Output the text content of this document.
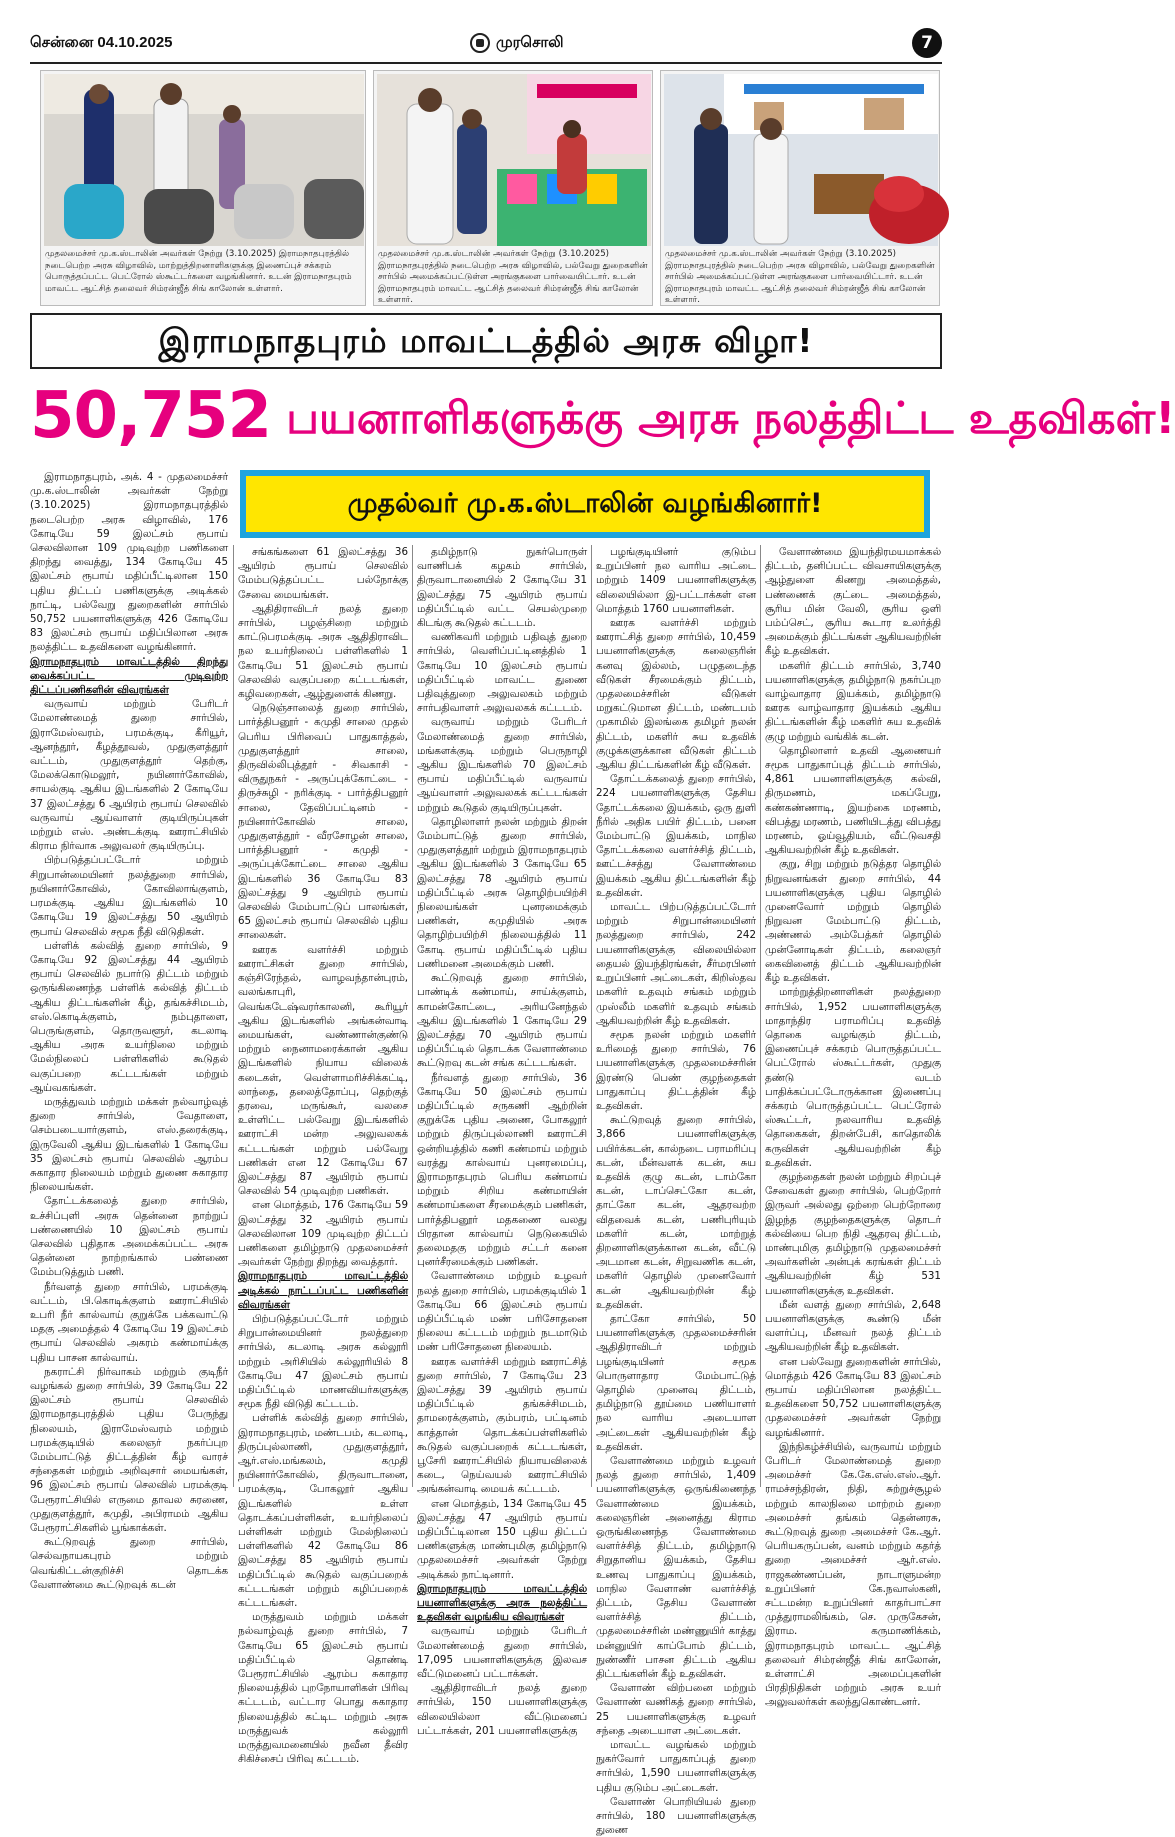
சென்னை 04.10.2025	முரசொலி	7
முதலமைச்சர் மு.க.ஸ்டாலின் அவர்கள் நேற்று (3.10.2025) இராமநாதபுரத்தில் நடைபெற்ற அரசு விழாவில், மாற்றுத்திறனாளிகளுக்கு இணைப்புச் சக்கரம் பொருத்தப்பட்ட பெட்ரோல் ஸ்கூட்டர்களை வழங்கினார். உடன் இராமநாதபுரம் மாவட்ட ஆட்சித் தலைவர் சிம்ரன்ஜீத் சிங் காலோன் உள்ளார்.
முதலமைச்சர் மு.க.ஸ்டாலின் அவர்கள் நேற்று (3.10.2025) இராமநாதபுரத்தில் நடைபெற்ற அரசு விழாவில், பல்வேறு துறைகளின் சார்பில் அமைக்கப்பட்டுள்ள அரங்குகளை பார்வையிட்டார். உடன் இராமநாதபுரம் மாவட்ட ஆட்சித் தலைவர் சிம்ரன்ஜீத் சிங் காலோன் உள்ளார்.
முதலமைச்சர் மு.க.ஸ்டாலின் அவர்கள் நேற்று (3.10.2025) இராமநாதபுரத்தில் நடைபெற்ற அரசு விழாவில், பல்வேறு துறைகளின் சார்பில் அமைக்கப்பட்டுள்ள அரங்குகளை பார்வையிட்டார். உடன் இராமநாதபுரம் மாவட்ட ஆட்சித் தலைவர் சிம்ரன்ஜீத் சிங் காலோன் உள்ளார்.
இராமநாதபுரம் மாவட்டத்தில் அரசு விழா!
50,752 பயனாளிகளுக்கு அரசு நலத்திட்ட உதவிகள்!
முதல்வர் மு.க.ஸ்டாலின் வழங்கினார்!

இராமநாதபுரம், அக். 4 - முதலமைச்சர் மு.க.ஸ்டாலின் அவர்கள் நேற்று (3.10.2025) இராமநாதபுரத்தில் நடைபெற்ற அரசு விழாவில், 176 கோடியே 59 இலட்சம் ரூபாய் செலவிலான 109 முடிவுற்ற பணிகளை திறந்து வைத்து, 134 கோடியே 45 இலட்சம் ரூபாய் மதிப்பீட்டிலான 150 புதிய திட்டப் பணிகளுக்கு அடிக்கல் நாட்டி, பல்வேறு துறைகளின் சார்பில் 50,752 பயனாளிகளுக்கு 426 கோடியே 83 இலட்சம் ரூபாய் மதிப்பிலான அரசு நலத்திட்ட உதவிகளை வழங்கினார்.

இராமநாதபுரம் மாவட்டத்தில் திறந்து வைக்கப்பட்ட முடிவுற்ற திட்டப்பணிகளின் விவரங்கள்

வருவாய் மற்றும் பேரிடர் மேலாண்மைத் துறை சார்பில், இராமேஸ்வரம், பரமக்குடி, கீரியூர், ஆனந்தூர், கீழத்தூவல், முதுகுளத்தூர் வட்டம், முதுகுளத்தூர் தெற்கு, மேலக்கொடுமலூர், நயினார்கோவில், சாயல்குடி ஆகிய இடங்களில் 2 கோடியே 37 இலட்சத்து 6 ஆயிரம் ரூபாய் செலவில் வருவாய் ஆய்வாளர் குடியிருப்புகள் மற்றும் எஸ். அண்டக்குடி ஊராட்சியில் கிராம நிர்வாக அலுவலர் குடியிருப்பு.

பிற்படுத்தப்பட்டோர் மற்றும் சிறுபான்மையினர் நலத்துறை சார்பில், நயினார்கோவில், கோவிலாங்குளம், பரமக்குடி ஆகிய இடங்களில் 10 கோடியே 19 இலட்சத்து 50 ஆயிரம் ரூபாய் செலவில் சமூக நீதி விடுதிகள்.

பள்ளிக் கல்வித் துறை சார்பில், 9 கோடியே 92 இலட்சத்து 44 ஆயிரம் ரூபாய் செலவில் நபார்டு திட்டம் மற்றும் ஒருங்கிணைந்த பள்ளிக் கல்வித் திட்டம் ஆகிய திட்டங்களின் கீழ், தங்கச்சிமடம், எஸ்.கொடிக்குளம், நம்புதாளை, பெருங்குளம், தொருவளூர், கடலாடி ஆகிய அரசு உயர்நிலை மற்றும் மேல்நிலைப் பள்ளிகளில் கூடுதல் வகுப்பறை கட்டடங்கள் மற்றும் ஆய்வகங்கள்.

மருத்துவம் மற்றும் மக்கள் நல்வாழ்வுத் துறை சார்பில், வேதாளை, செம்படையார்குளம், எஸ்.தரைக்குடி, இருவேலி ஆகிய இடங்களில் 1 கோடியே 35 இலட்சம் ரூபாய் செலவில் ஆரம்ப சுகாதார நிலையம் மற்றும் துணை சுகாதார நிலையங்கள்.

தோட்டக்கலைத் துறை சார்பில், உச்சிப்புளி அரசு தென்னை நாற்றுப் பண்ணையில் 10 இலட்சம் ரூபாய் செலவில் புதிதாக அமைக்கப்பட்ட அரசு தென்னை நாற்றங்கால் பண்ணை மேம்படுத்தும் பணி.

நீர்வளத் துறை சார்பில், பரமக்குடி வட்டம், பி.கொடிக்குளம் ஊராட்சியில் உபரி நீர் கால்வாய் குறுக்கே பக்கவாட்டு மதகு அமைத்தல் 4 கோடியே 19 இலட்சம் ரூபாய் செலவில் அகரம் கண்மாய்க்கு புதிய பாசன கால்வாய்.

நகராட்சி நிர்வாகம் மற்றும் குடிநீர் வழங்கல் துறை சார்பில், 39 கோடியே 22 இலட்சம் ரூபாய் செலவில் இராமநாதபுரத்தில் புதிய பேருந்து நிலையம், இராமேஸ்வரம் மற்றும் பரமக்குடியில் கலைஞர் நகர்ப்புற மேம்பாட்டுத் திட்டத்தின் கீழ் வாரச் சந்தைகள் மற்றும் அறிவுசார் மையங்கள், 96 இலட்சம் ரூபாய் செலவில் பரமக்குடி பேரூராட்சியில் எருமை தாவல சுரணை, முதுகுளத்தூர், கமுதி, அபிராமம் ஆகிய பேரூராட்சிகளில் பூங்காக்கள்.

கூட்டுறவுத் துறை சார்பில், செல்வநாயகபுரம் மற்றும் வெங்கிட்டன்குறிச்சி தொடக்க வேளாண்மை கூட்டுறவுக் கடன்

சங்கங்களை 61 இலட்சத்து 36 ஆயிரம் ரூபாய் செலவில் மேம்படுத்தப்பட்ட பல்நோக்கு சேவை மையங்கள்.

ஆதிதிராவிடர் நலத் துறை சார்பில், பழஞ்சிறை மற்றும் காட்டுபரமக்குடி அரசு ஆதிதிராவிட நல உயர்நிலைப் பள்ளிகளில் 1 கோடியே 51 இலட்சம் ரூபாய் செலவில் வகுப்பறை கட்டடங்கள், கழிவறைகள், ஆழ்துளைக் கிணறு.

நெடுஞ்சாலைத் துறை சார்பில், பார்த்திபனூர் - கமுதி சாலை முதல் பெரிய பிரிவைப் பாதுகாத்தல், முதுகுளத்தூர் சாலை, திருவில்லிபுத்தூர் - சிவகாசி - விருதுநகர் - அருப்புக்கோட்டை - திருச்சுழி - நரிக்குடி - பார்த்திபனூர் சாலை, தேவிப்பட்டினம் - நயினார்கோவில் சாலை, முதுகுளத்தூர் - வீரசோழன் சாலை, பார்த்திபனூர் - கமுதி - அருப்புக்கோட்டை சாலை ஆகிய இடங்களில் 36 கோடியே 83 இலட்சத்து 9 ஆயிரம் ரூபாய் செலவில் மேம்பாட்டுப் பாலங்கள், 65 இலட்சம் ரூபாய் செலவில் புதிய சாலைகள்.

ஊரக வளர்ச்சி மற்றும் ஊராட்சிகள் துறை சார்பில், கஞ்சிரேந்தல், வாழவந்தான்புரம், வலங்காபுரி, வெங்கடேஷ்வரர்காலனி, கூரியூர் ஆகிய இடங்களில் அங்கன்வாடி மையங்கள், வண்ணான்குண்டு மற்றும் நைனாமரைக்கான் ஆகிய இடங்களில் நியாய விலைக் கடைகள், வெள்ளாமரிச்சிக்கட்டி, லாந்தை, தலைத்தோப்பு, தெற்குத் தரவை, மருங்கூர், வலசை உள்ளிட்ட பல்வேறு இடங்களில் ஊராட்சி மன்ற அலுவலகக் கட்டடங்கள் மற்றும் பல்வேறு பணிகள் என 12 கோடியே 67 இலட்சத்து 87 ஆயிரம் ரூபாய் செலவில் 54 முடிவுற்ற பணிகள்.

என மொத்தம், 176 கோடியே 59 இலட்சத்து 32 ஆயிரம் ரூபாய் செலவிலான 109 முடிவுற்ற திட்டப் பணிகளை தமிழ்நாடு முதலமைச்சர் அவர்கள் நேற்று திறந்து வைத்தார்.

இராமநாதபுரம் மாவட்டத்தில் அடிக்கல் நாட்டப்பட்ட பணிகளின் விவரங்கள்

பிற்படுத்தப்பட்டோர் மற்றும் சிறுபான்மையினர் நலத்துறை சார்பில், கடலாடி அரசு கல்லூரி மற்றும் அரிசியில் கல்லூரியில் 8 கோடியே 47 இலட்சம் ரூபாய் மதிப்பீட்டில் மாணவியர்களுக்கு சமூக நீதி விடுதி கட்டடம்.

பள்ளிக் கல்வித் துறை சார்பில், இராமநாதபுரம், மண்டபம், கடலாடி, திருப்புல்லாணி, முதுகுளத்தூர், ஆர்.எஸ்.மங்கலம், கமுதி நயினார்கோவில், திருவாடானை, பரமக்குடி, போகலூர் ஆகிய இடங்களில் உள்ள தொடக்கப்பள்ளிகள், உயர்நிலைப் பள்ளிகள் மற்றும் மேல்நிலைப் பள்ளிகளில் 42 கோடியே 86 இலட்சத்து 85 ஆயிரம் ரூபாய் மதிப்பீட்டில் கூடுதல் வகுப்பறைக் கட்டடங்கள் மற்றும் கழிப்பறைக் கட்டடங்கள்.

மருத்துவம் மற்றும் மக்கள் நல்வாழ்வுத் துறை சார்பில், 7 கோடியே 65 இலட்சம் ரூபாய் மதிப்பீட்டில் தொண்டி பேரூராட்சியில் ஆரம்ப சுகாதார நிலையத்தில் புறநோயாளிகள் பிரிவு கட்டடம், வட்டார பொது சுகாதார நிலையத்தில் கட்டிட மற்றும் அரசு மருத்துவக் கல்லூரி மருத்துவமனையில் நவீன தீவிர சிகிச்சைப் பிரிவு கட்டடம்.

தமிழ்நாடு நுகர்பொருள் வாணிபக் கழகம் சார்பில், திருவாடானையில் 2 கோடியே 31 இலட்சத்து 75 ஆயிரம் ரூபாய் மதிப்பீட்டில் வட்ட செயல்முறை கிடங்கு கூடுதல் கட்டடம்.

வணிகவரி மற்றும் பதிவுத் துறை சார்பில், வெளிப்பட்டினத்தில் 1 கோடியே 10 இலட்சம் ரூபாய் மதிப்பீட்டில் மாவட்ட துணை பதிவுத்துறை அலுவலகம் மற்றும் சார்பதிவாளர் அலுவலகக் கட்டடம்.

வருவாய் மற்றும் பேரிடர் மேலாண்மைத் துறை சார்பில், மங்களக்குடி மற்றும் பெருநாழி ஆகிய இடங்களில் 70 இலட்சம் ரூபாய் மதிப்பீட்டில் வருவாய் ஆய்வாளர் அலுவலகக் கட்டடங்கள் மற்றும் கூடுதல் குடியிருப்புகள்.

தொழிலாளர் நலன் மற்றும் திறன் மேம்பாட்டுத் துறை சார்பில், முதுகுளத்தூர் மற்றும் இராமநாதபுரம் ஆகிய இடங்களில் 3 கோடியே 65 இலட்சத்து 78 ஆயிரம் ரூபாய் மதிப்பீட்டில் அரசு தொழிற்பயிற்சி நிலையங்கள் புனரமைக்கும் பணிகள், கமுதியில் அரசு தொழிற்பயிற்சி நிலையத்தில் 11 கோடி ரூபாய் மதிப்பீட்டில் புதிய பணிமனை அமைக்கும் பணி.

கூட்டுறவுத் துறை சார்பில், பாண்டிக் கண்மாய், சாய்க்குளம், காமன்கோட்டை, அரியனேந்தல் ஆகிய இடங்களில் 1 கோடியே 29 இலட்சத்து 70 ஆயிரம் ரூபாய் மதிப்பீட்டில் தொடக்க வேளாண்மை கூட்டுறவு கடன் சங்க கட்டடங்கள்.

நீர்வளத் துறை சார்பில், 36 கோடியே 50 இலட்சம் ரூபாய் மதிப்பீட்டில் சருகணி ஆற்றின் குறுக்கே புதிய அணை, போகலூர் மற்றும் திருப்புல்லாணி ஊராட்சி ஒன்றியத்தில் கணி கண்மாய் மற்றும் வரத்து கால்வாய் புனரமைப்பு, இராமநாதபுரம் பெரிய கண்மாய் மற்றும் சிறிய கண்மாயின் கண்மாய்களை சீரமைக்கும் பணிகள், பார்த்திபனூர் மதகணை வலது பிரதான கால்வாய் நெடுகையில் தலைமதகு மற்றும் சட்டர் கனை புனர்சீரமைக்கும் பணிகள்.

வேளாண்மை மற்றும் உழவர் நலத் துறை சார்பில், பரமக்குடியில் 1 கோடியே 66 இலட்சம் ரூபாய் மதிப்பீட்டில் மண் பரிசோதனை நிலைய கட்டடம் மற்றும் நடமாடும் மண் பரிசோதனை நிலையம்.

ஊரக வளர்ச்சி மற்றும் ஊராட்சித் துறை சார்பில், 7 கோடியே 23 இலட்சத்து 39 ஆயிரம் ரூபாய் மதிப்பீட்டில் தங்கச்சிமடம், தாமரைக்குளம், கும்பரம், பட்டினம் காத்தான் தொடக்கப்பள்ளிகளில் கூடுதல் வகுப்பறைக் கட்டடங்கள், பூசேரி ஊராட்சியில் நியாயவிலைக் கடை, நெய்வயல் ஊராட்சியில் அங்கன்வாடி மையக் கட்டடம்.

என மொத்தம், 134 கோடியே 45 இலட்சத்து 47 ஆயிரம் ரூபாய் மதிப்பீட்டிலான 150 புதிய திட்டப் பணிகளுக்கு மாண்புமிகு தமிழ்நாடு முதலமைச்சர் அவர்கள் நேற்று அடிக்கல் நாட்டினார்.

இராமநாதபுரம் மாவட்டத்தில் பயனாளிகளுக்கு அரசு நலத்திட்ட உதவிகள் வழங்கிய விவரங்கள்

வருவாய் மற்றும் பேரிடர் மேலாண்மைத் துறை சார்பில், 17,095 பயனாளிகளுக்கு இலவச வீட்டுமனைப் பட்டாக்கள்.

ஆதிதிராவிடர் நலத் துறை சார்பில், 150 பயனாளிகளுக்கு விலையில்லா வீட்டுமனைப் பட்டாக்கள், 201 பயனாளிகளுக்கு

பழங்குடியினர் குடும்ப உறுப்பினர் நல வாரிய அட்டை மற்றும் 1409 பயனாளிகளுக்கு விலையில்லா இ-பட்டாக்கள் என மொத்தம் 1760 பயனாளிகள்.

ஊரக வளர்ச்சி மற்றும் ஊராட்சித் துறை சார்பில், 10,459 பயனாளிகளுக்கு கலைஞரின் கனவு இல்லம், பழுதடைந்த வீடுகள் சீரமைக்கும் திட்டம், முதலமைச்சரின் வீடுகள் மறுகட்டுமான திட்டம், மண்டபம் முகாமில் இலங்கை தமிழர் நலன் திட்டம், மகளிர் சுய உதவிக் குழுக்களுக்கான வீடுகள் திட்டம் ஆகிய திட்டங்களின் கீழ் வீடுகள்.

தோட்டக்கலைத் துறை சார்பில், 224 பயனாளிகளுக்கு தேசிய தோட்டக்கலை இயக்கம், ஒரு துளி நீரில் அதிக பயிர் திட்டம், பனை மேம்பாட்டு இயக்கம், மாநில தோட்டக்கலை வளர்ச்சித் திட்டம், ஊட்டச்சத்து வேளாண்மை இயக்கம் ஆகிய திட்டங்களின் கீழ் உதவிகள்.

மாவட்ட பிற்படுத்தப்பட்டோர் மற்றும் சிறுபான்மையினர் நலத்துறை சார்பில், 242 பயனாளிகளுக்கு விலையில்லா தையல் இயந்திரங்கள், சீர்மரபினர் உறுப்பினர் அட்டைகள், கிறிஸ்தவ மகளிர் உதவும் சங்கம் மற்றும் முஸ்லீம் மகளிர் உதவும் சங்கம் ஆகியவற்றின் கீழ் உதவிகள்.

சமூக நலன் மற்றும் மகளிர் உரிமைத் துறை சார்பில், 76 பயனாளிகளுக்கு முதலமைச்சரின் இரண்டு பெண் குழந்தைகள் பாதுகாப்பு திட்டத்தின் கீழ் உதவிகள்.

கூட்டுறவுத் துறை சார்பில், 3,866 பயனாளிகளுக்கு பயிர்க்கடன், கால்நடை பராமரிப்பு கடன், மீன்வளக் கடன், சுய உதவிக் குழு கடன், டாம்கோ கடன், டாப்செட்கோ கடன், தாட்கோ கடன், ஆதரவற்ற விதவைக் கடன், பணிபுரியும் மகளிர் கடன், மாற்றுத் திறனாளிகளுக்கான கடன், வீட்டு அடமான கடன், சிறுவணிக கடன், மகளிர் தொழில் முனைவோர் கடன் ஆகியவற்றின் கீழ் உதவிகள்.

தாட்கோ சார்பில், 50 பயனாளிகளுக்கு முதலமைச்சரின் ஆதிதிராவிடர் மற்றும் பழங்குடியினர் சமூக பொருளாதார மேம்பாட்டுத் தொழில் முனைவு திட்டம், தமிழ்நாடு தூய்மை பணியாளர் நல வாரிய அடையாள அட்டைகள் ஆகியவற்றின் கீழ் உதவிகள்.

வேளாண்மை மற்றும் உழவர் நலத் துறை சார்பில், 1,409 பயனாளிகளுக்கு ஒருங்கிணைந்த வேளாண்மை இயக்கம், கலைஞரின் அனைத்து கிராம ஒருங்கிணைந்த வேளாண்மை வளர்ச்சித் திட்டம், தமிழ்நாடு சிறுதானிய இயக்கம், தேசிய உணவு பாதுகாப்பு இயக்கம், மாநில வேளாண் வளர்ச்சித் திட்டம், தேசிய வேளாண் வளர்ச்சித் திட்டம், முதலமைச்சரின் மண்ணுயிர் காத்து மன்னுயிர் காப்போம் திட்டம், நுண்ணீர் பாசன திட்டம் ஆகிய திட்டங்களின் கீழ் உதவிகள்.

வேளாண் விற்பனை மற்றும் வேளாண் வணிகத் துறை சார்பில், 25 பயனாளிகளுக்கு உழவர் சந்தை அடையாள அட்டைகள்.

மாவட்ட வழங்கல் மற்றும் நுகர்வோர் பாதுகாப்புத் துறை சார்பில், 1,590 பயனாளிகளுக்கு புதிய குடும்ப அட்டைகள்.

வேளாண் பொறியியல் துறை சார்பில், 180 பயனாளிகளுக்கு துணை

வேளாண்மை இயந்திரமயமாக்கல் திட்டம், தனிப்பட்ட விவசாயிகளுக்கு ஆழ்துளை கிணறு அமைத்தல், பண்ணைக் குட்டை அமைத்தல், சூரிய மின் வேலி, சூரிய ஒளி பம்ப்செட், சூரிய கூடார உலர்த்தி அமைக்கும் திட்டங்கள் ஆகியவற்றின் கீழ் உதவிகள்.

மகளிர் திட்டம் சார்பில், 3,740 பயனாளிகளுக்கு தமிழ்நாடு நகர்ப்புற வாழ்வாதார இயக்கம், தமிழ்நாடு ஊரக வாழ்வாதார இயக்கம் ஆகிய திட்டங்களின் கீழ் மகளிர் சுய உதவிக் குழு மற்றும் வங்கிக் கடன்.

தொழிலாளர் உதவி ஆணையர் சமூக பாதுகாப்புத் திட்டம் சார்பில், 4,861 பயனாளிகளுக்கு கல்வி, திருமணம், மகப்பேறு, கண்கண்ணாடி, இயற்கை மரணம், விபத்து மரணம், பணியிடத்து விபத்து மரணம், ஓய்வூதியம், வீட்டுவசதி ஆகியவற்றின் கீழ் உதவிகள்.

குறு, சிறு மற்றும் நடுத்தர தொழில் நிறுவனங்கள் துறை சார்பில், 44 பயனாளிகளுக்கு புதிய தொழில் முனைவோர் மற்றும் தொழில் நிறுவன மேம்பாட்டு திட்டம், அண்ணல் அம்பேத்கர் தொழில் முன்னோடிகள் திட்டம், கலைஞர் கைவினைத் திட்டம் ஆகியவற்றின் கீழ் உதவிகள்.

மாற்றுத்திறனாளிகள் நலத்துறை சார்பில், 1,952 பயனாளிகளுக்கு மாதாந்திர பராமரிப்பு உதவித் தொகை வழங்கும் திட்டம், இணைப்புச் சக்கரம் பொருத்தப்பட்ட பெட்ரோல் ஸ்கூட்டர்கள், முதுகு தண்டு வடம் பாதிக்கப்பட்டோருக்கான இணைப்பு சக்கரம் பொருத்தப்பட்ட பெட்ரோல் ஸ்கூட்டர், நலவாரிய உதவித் தொகைகள், திறன்பேசி, காதொலிக் கருவிகள் ஆகியவற்றின் கீழ் உதவிகள்.

குழந்தைகள் நலன் மற்றும் சிறப்புச் சேவைகள் துறை சார்பில், பெற்றோர் இருவர் அல்லது ஒற்றை பெற்றோரை இழந்த குழந்தைகளுக்கு தொடர் கல்வியை பெற நிதி ஆதரவு திட்டம், மாண்புமிகு தமிழ்நாடு முதலமைச்சர் அவர்களின் அன்புக் கரங்கள் திட்டம் ஆகியவற்றின் கீழ் 531 பயனாளிகளுக்கு உதவிகள்.

மீன் வளத் துறை சார்பில், 2,648 பயனாளிகளுக்கு கூண்டு மீன் வளர்ப்பு, மீனவர் நலத் திட்டம் ஆகியவற்றின் கீழ் உதவிகள்.

என பல்வேறு துறைகளின் சார்பில், மொத்தம் 426 கோடியே 83 இலட்சம் ரூபாய் மதிப்பிலான நலத்திட்ட உதவிகளை 50,752 பயனாளிகளுக்கு முதலமைச்சர் அவர்கள் நேற்று வழங்கினார்.

இந்நிகழ்ச்சியில், வருவாய் மற்றும் பேரிடர் மேலாண்மைத் துறை அமைச்சர் கே.கே.எஸ்.எஸ்.ஆர். ராமச்சந்திரன், நிதி, சுற்றுச்சூழல் மற்றும் காலநிலை மாற்றம் துறை அமைச்சர் தங்கம் தென்னரசு, கூட்டுறவுத் துறை அமைச்சர் கே.ஆர். பெரியகருப்பன், வனம் மற்றும் கதர்த் துறை அமைச்சர் ஆர்.எஸ். ராஜகண்ணப்பன், நாடாளுமன்ற உறுப்பினர் கே.நவாஸ்கனி, சட்டமன்ற உறுப்பினர் காதர்பாட்சா முத்துராமலிங்கம், செ. முருகேசன், இராம. கருமாணிக்கம், இராமநாதபுரம் மாவட்ட ஆட்சித் தலைவர் சிம்ரன்ஜீத் சிங் காலோன், உள்ளாட்சி அமைப்புகளின் பிரதிநிதிகள் மற்றும் அரசு உயர் அலுவலர்கள் கலந்துகொண்டனர்.
